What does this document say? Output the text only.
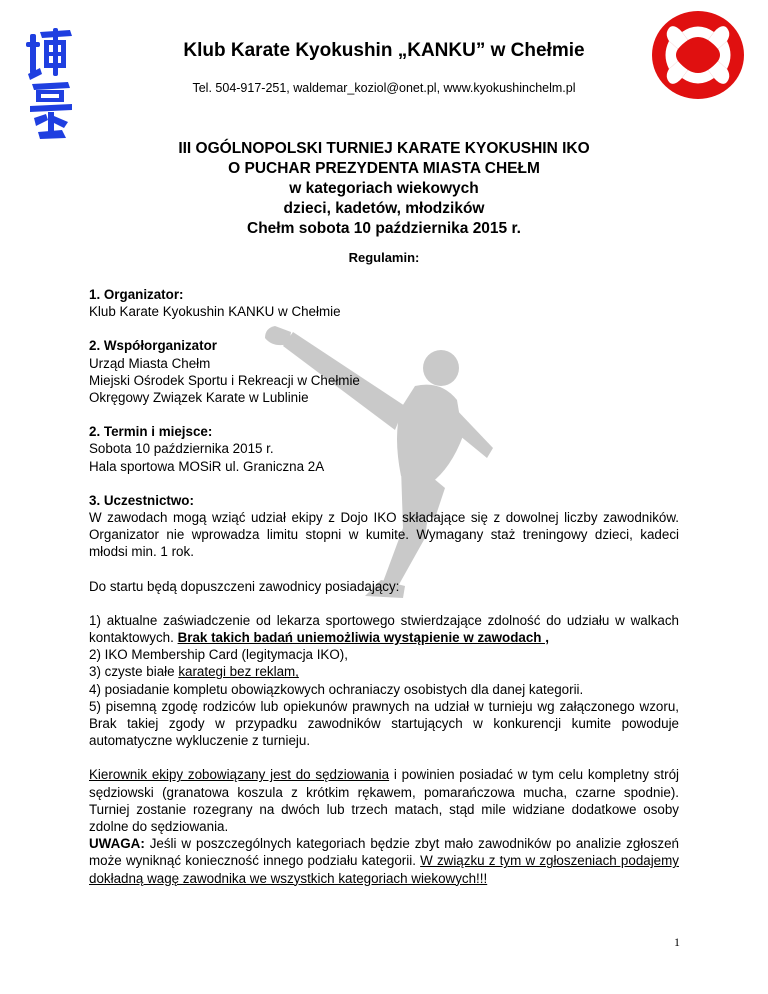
Klub Karate Kyokushin „KANKU” w Chełmie
Tel. 504-917-251, waldemar_koziol@onet.pl, www.kyokushinchelm.pl
III OGÓLNOPOLSKI TURNIEJ KARATE KYOKUSHIN IKO
O PUCHAR PREZYDENTA MIASTA CHEŁM
w kategoriach wiekowych
dzieci, kadetów, młodzików
Chełm sobota 10 października 2015 r.
Regulamin:

1. Organizator:

Klub Karate Kyokushin KANKU w Chełmie

2. Współorganizator

Urząd Miasta Chełm

Miejski Ośrodek Sportu i Rekreacji w Chełmie

Okręgowy Związek Karate w Lublinie

2. Termin i miejsce:

Sobota 10 października 2015 r.

Hala sportowa MOSiR ul. Graniczna 2A

3. Uczestnictwo:

W zawodach mogą wziąć udział ekipy z Dojo IKO składające się z dowolnej liczby zawodników. Organizator nie wprowadza limitu stopni w kumite. Wymagany staż treningowy dzieci, kadeci młodsi min. 1 rok.

Do startu będą dopuszczeni zawodnicy posiadający:

1) aktualne zaświadczenie od lekarza sportowego stwierdzające zdolność do udziału w walkach kontaktowych. Brak takich badań uniemożliwia wystąpienie w zawodach ,

2) IKO Membership Card (legitymacja IKO),

3) czyste białe karategi bez reklam,

4) posiadanie kompletu obowiązkowych ochraniaczy osobistych dla danej kategorii.

5) pisemną zgodę rodziców lub opiekunów prawnych na udział w turnieju wg załączonego wzoru, Brak takiej zgody w przypadku zawodników startujących w konkurencji kumite powoduje automatyczne wykluczenie z turnieju.

Kierownik ekipy zobowiązany jest do sędziowania i powinien posiadać w tym celu kompletny strój sędziowski (granatowa koszula z krótkim rękawem, pomarańczowa mucha, czarne spodnie). Turniej zostanie rozegrany na dwóch lub trzech matach, stąd mile widziane dodatkowe osoby zdolne do sędziowania.

UWAGA: Jeśli w poszczególnych kategoriach będzie zbyt mało zawodników po analizie zgłoszeń może wyniknąć konieczność innego podziału kategorii. W związku z tym w zgłoszeniach podajemy dokładną wagę zawodnika we wszystkich kategoriach wiekowych!!!

1
